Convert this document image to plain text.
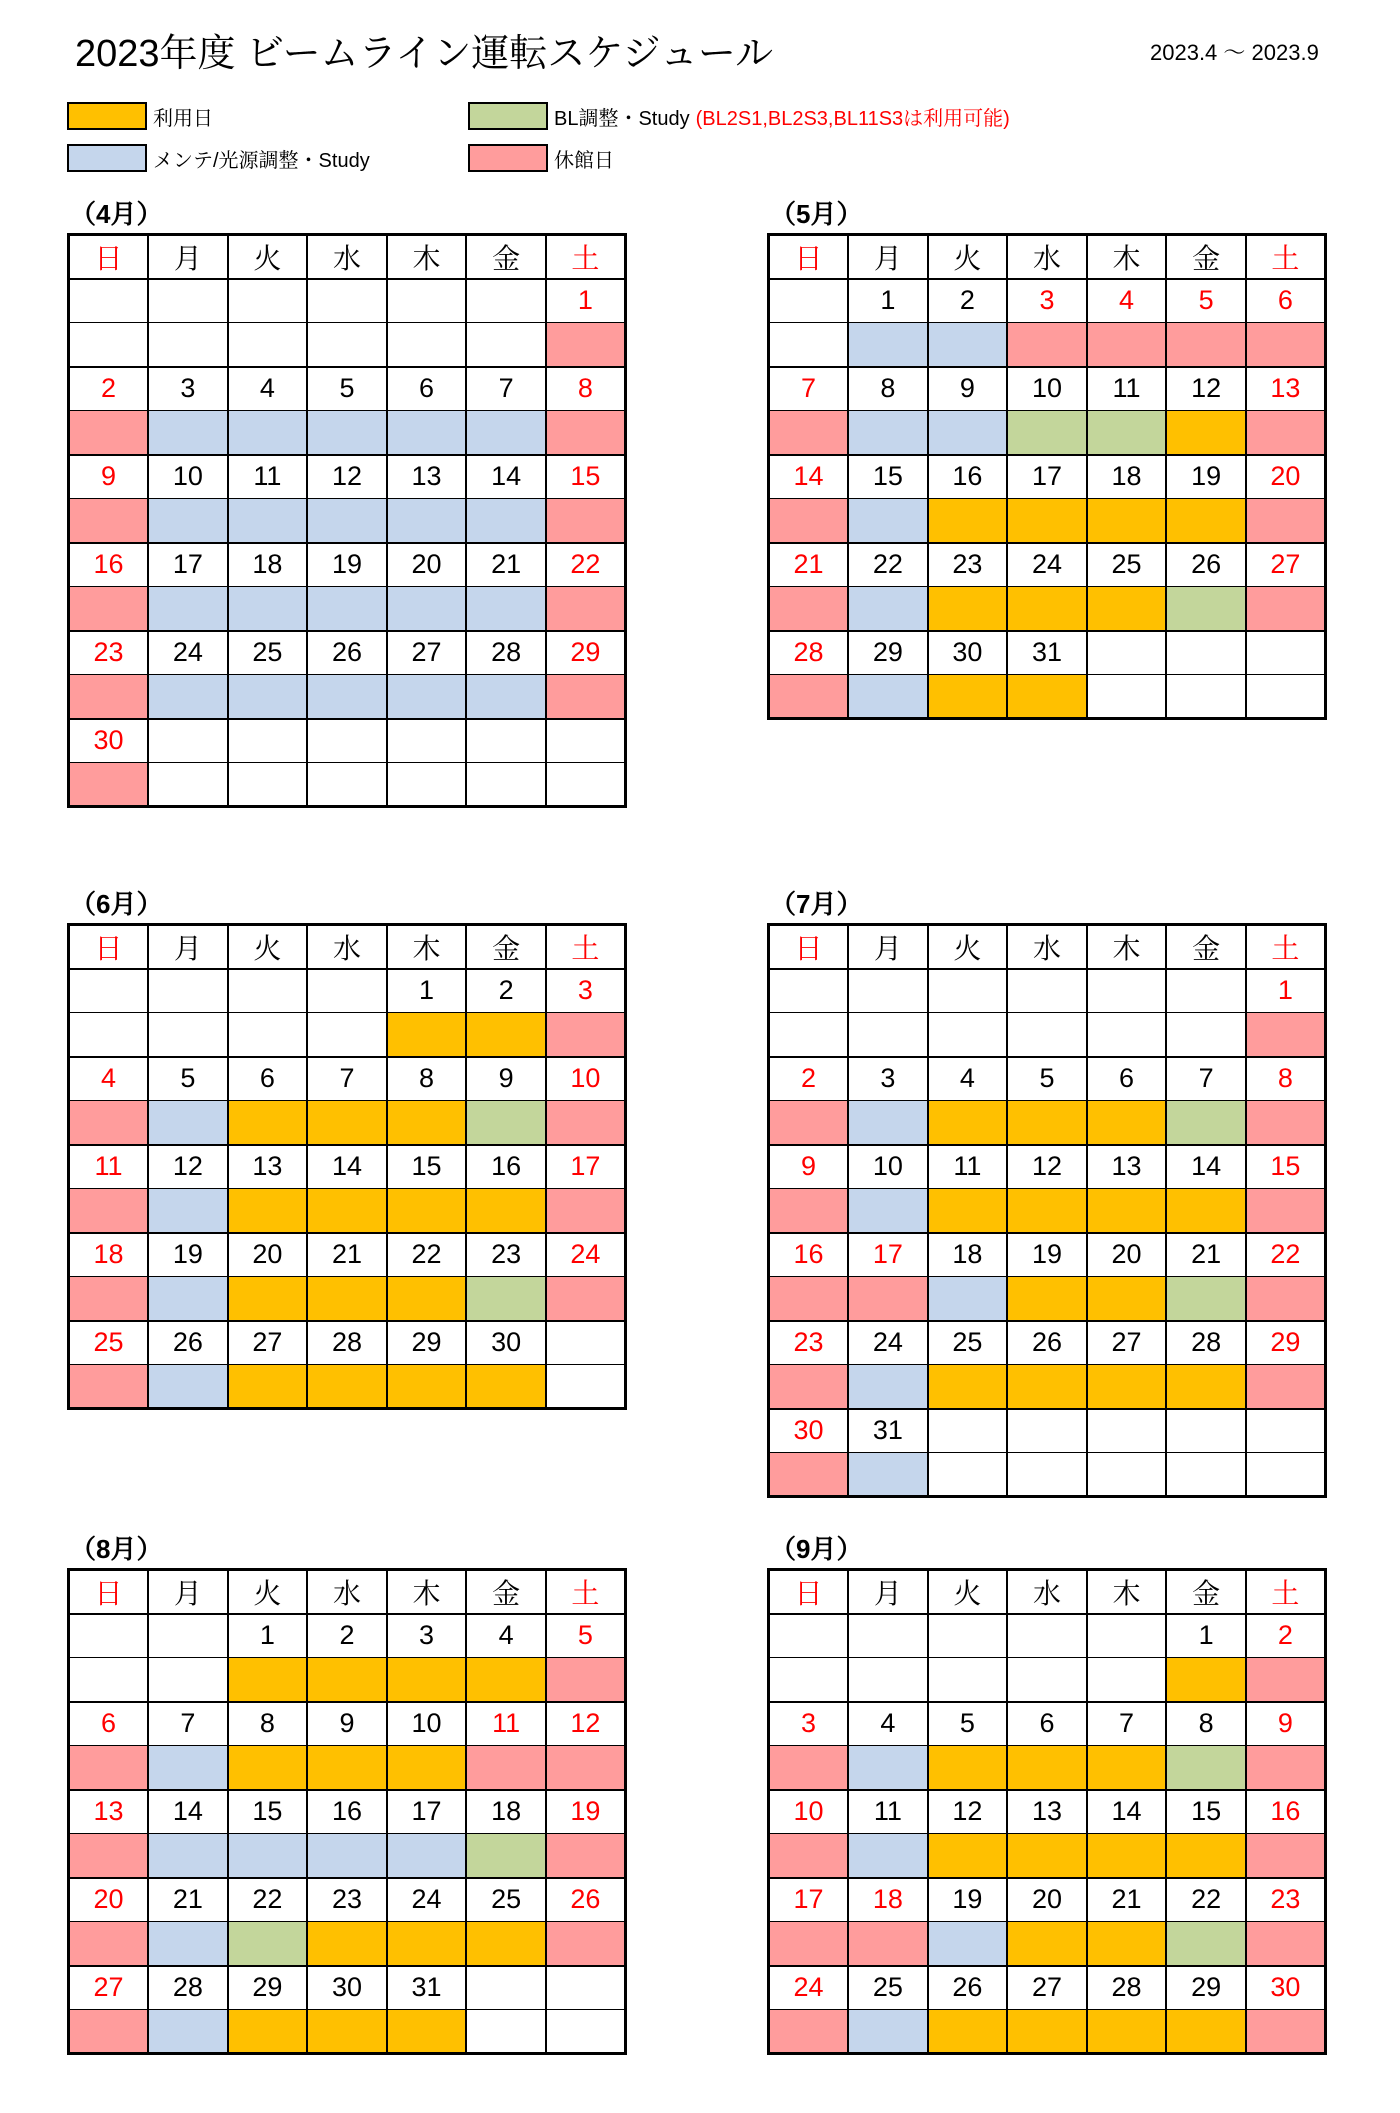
2023年度 ビームライン運転スケジュール	2023.4 ～ 2023.9
利用日	BL調整・Study (BL2S1,BL2S3,BL11S3は利用可能)
メンテ/光源調整・Study	休館日
（4月）
日	月	火	水	木	金	土
						1

2	3	4	5	6	7	8

9	10	11	12	13	14	15

16	17	18	19	20	21	22

23	24	25	26	27	28	29

30						

（5月）
日	月	火	水	木	金	土
	1	2	3	4	5	6

7	8	9	10	11	12	13

14	15	16	17	18	19	20

21	22	23	24	25	26	27

28	29	30	31			

（6月）
日	月	火	水	木	金	土
				1	2	3

4	5	6	7	8	9	10

11	12	13	14	15	16	17

18	19	20	21	22	23	24

25	26	27	28	29	30	

（7月）
日	月	火	水	木	金	土
						1

2	3	4	5	6	7	8

9	10	11	12	13	14	15

16	17	18	19	20	21	22

23	24	25	26	27	28	29

30	31					

（8月）
日	月	火	水	木	金	土
		1	2	3	4	5

6	7	8	9	10	11	12

13	14	15	16	17	18	19

20	21	22	23	24	25	26

27	28	29	30	31		

（9月）
日	月	火	水	木	金	土
					1	2

3	4	5	6	7	8	9

10	11	12	13	14	15	16

17	18	19	20	21	22	23

24	25	26	27	28	29	30
